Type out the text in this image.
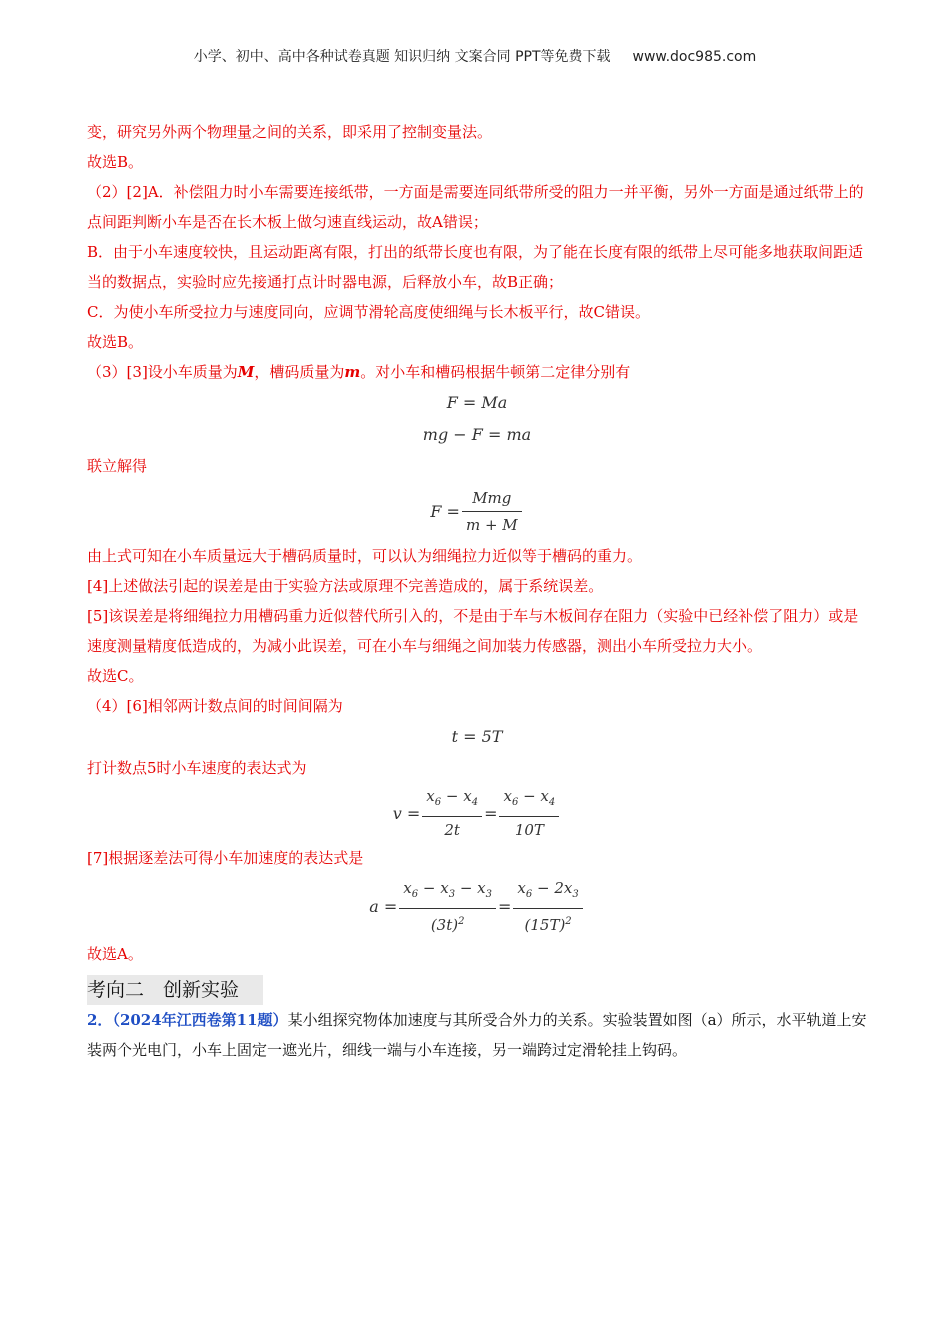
小学、初中、高中各种试卷真题 知识归纳 文案合同 PPT等免费下载 www.doc985.com

变，研究另外两个物理量之间的关系，即采用了控制变量法。

故选B。

（2）[2]A．补偿阻力时小车需要连接纸带，一方面是需要连同纸带所受的阻力一并平衡，另外一方面是通过纸带上的点间距判断小车是否在长木板上做匀速直线运动，故A错误；

B．由于小车速度较快，且运动距离有限，打出的纸带长度也有限，为了能在长度有限的纸带上尽可能多地获取间距适当的数据点，实验时应先接通打点计时器电源，后释放小车，故B正确；

C．为使小车所受拉力与速度同向，应调节滑轮高度使细绳与长木板平行，故C错误。

故选B。

（3）[3]设小车质量为M，槽码质量为m。对小车和槽码根据牛顿第二定律分别有

F = Ma

mg − F = ma

联立解得

$F = \frac{\text{Mmg}}{m + M}$

由上式可知在小车质量远大于槽码质量时，可以认为细绳拉力近似等于槽码的重力。

[4]上述做法引起的误差是由于实验方法或原理不完善造成的，属于系统误差。

[5]该误差是将细绳拉力用槽码重力近似替代所引入的，不是由于车与木板间存在阻力（实验中已经补偿了阻力）或是速度测量精度低造成的，为减小此误差，可在小车与细绳之间加装力传感器，测出小车所受拉力大小。

故选C。

（4）[6]相邻两计数点间的时间间隔为

t = 5T

打计数点5时小车速度的表达式为

$v = \frac{x_6 - x_4}{2t} = \frac{x_6 - x_4}{10T}$

[7]根据逐差法可得小车加速度的表达式是

$a = \frac{x_6 - x_3 - x_3}{(3t)^2} = \frac{x_6 - 2x_3}{(15T)^2}$

故选A。

考向二　创新实验

2．（2024年江西卷第11题）某小组探究物体加速度与其所受合外力的关系。实验装置如图（a）所示，水平轨道上安装两个光电门，小车上固定一遮光片，细线一端与小车连接，另一端跨过定滑轮挂上钩码。
